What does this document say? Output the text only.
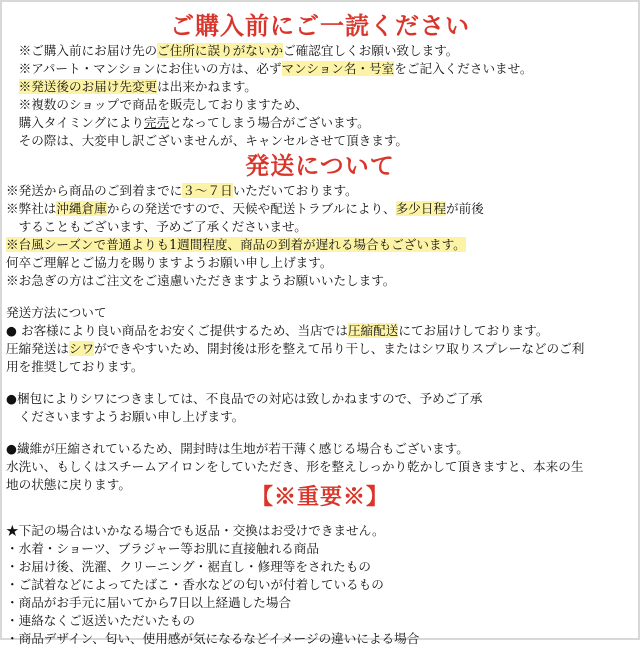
ご購入前にご一読ください
発送について
【※重要※】
　※ご購入前にお届け先のご住所に誤りがないかご確認宜しくお願い致します。
　※アパート・マンションにお住いの方は、必ずマンション名・号室をご記入くださいませ。
　※発送後のお届け先変更は出来かねます。
　※複数のショップで商品を販売しておりますため、
　購入タイミングにより完売となってしまう場合がございます。
　その際は、大変申し訳ございませんが、キャンセルさせて頂きます。
※発送から商品のご到着までに３〜７日いただいております。
※弊社は沖縄倉庫からの発送ですので、天候や配送トラブルにより、多少日程が前後
　することもございます、予めご了承くださいませ。
※台風シーズンで普通よりも1週間程度、商品の到着が遅れる場合もございます。
何卒ご理解とご協力を賜りますようお願い申し上げます。
※お急ぎの方はご注文をご遠慮いただきますようお願いいたします。
発送方法について
● お客様により良い商品をお安くご提供するため、当店では圧縮配送にてお届けしております。
圧縮発送はシワができやすいため、開封後は形を整えて吊り干し、またはシワ取りスプレーなどのご利
用を推奨しております。
●梱包によりシワにつきましては、不良品での対応は致しかねますので、予めご了承
　くださいますようお願い申し上げます。
●繊維が圧縮されているため、開封時は生地が若干薄く感じる場合もございます。
水洗い、もしくはスチームアイロンをしていただき、形を整えしっかり乾かして頂きますと、本来の生
地の状態に戻ります。
★下記の場合はいかなる場合でも返品・交換はお受けできません。
・水着・ショーツ、ブラジャー等お肌に直接触れる商品
・お届け後、洗濯、クリーニング・裾直し・修理等をされたもの
・ご試着などによってたばこ・香水などの匂いが付着しているもの
・商品がお手元に届いてから7日以上経過した場合
・連絡なくご返送いただいたもの
・商品デザイン、匂い、使用感が気になるなどイメージの違いによる場合
